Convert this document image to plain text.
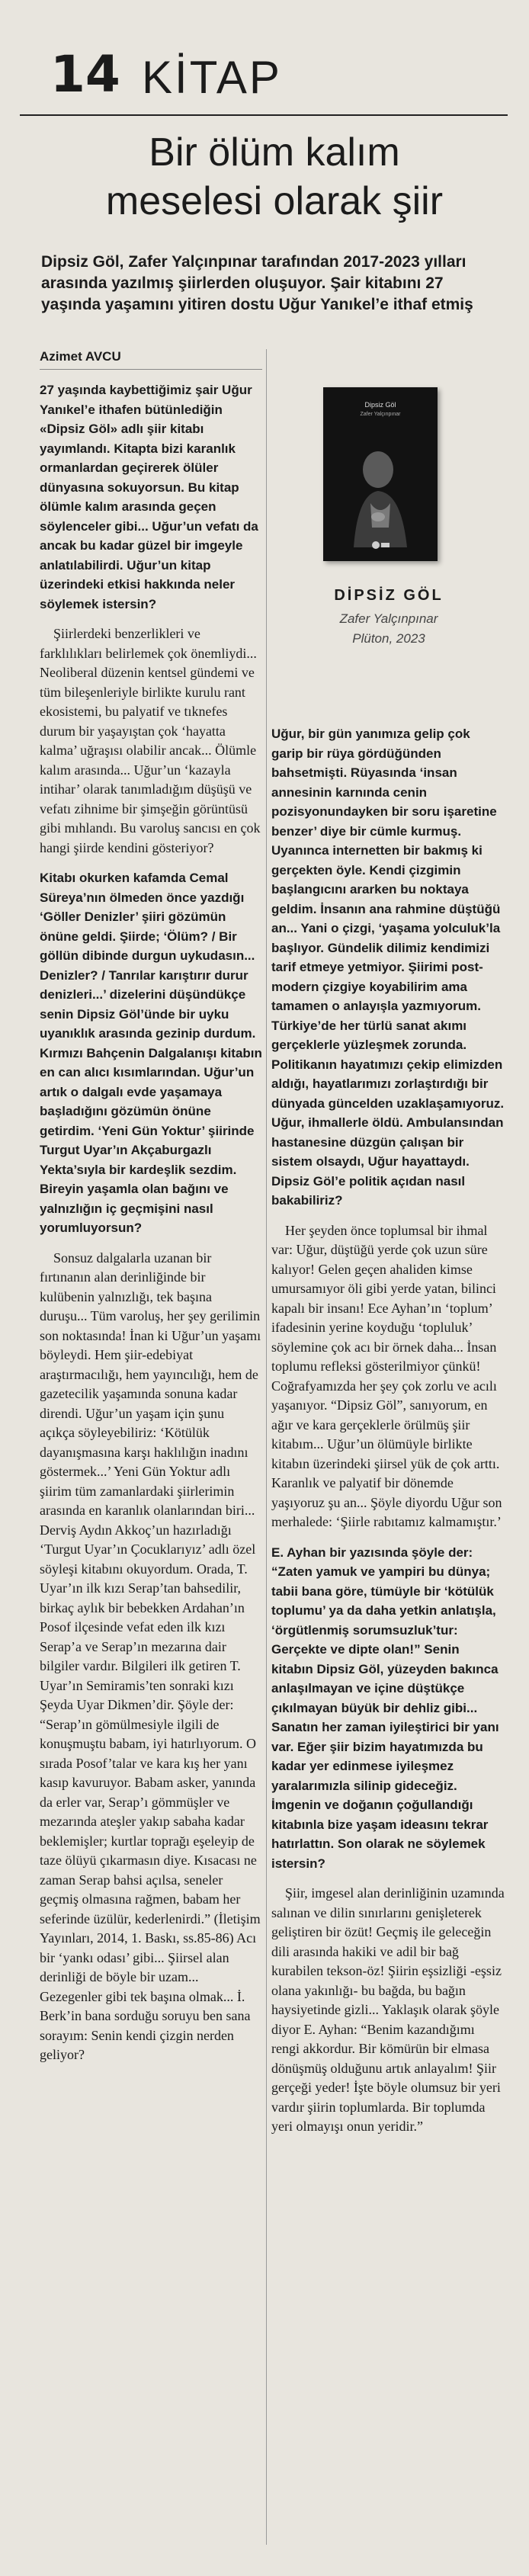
14 KİTAP
Bir ölüm kalım
meselesi olarak şiir

Dipsiz Göl, Zafer Yalçınpınar tarafından 2017-2023 yılları arasında yazılmış şiirlerden oluşuyor. Şair kitabını 27 yaşında yaşamını yitiren dostu Uğur Yanıkel’e ithaf etmiş

Azimet AVCU

27 yaşında kaybettiğimiz şair Uğur Yanıkel’e ithafen bütünlediğin «Dipsiz Göl» adlı şiir kitabı yayımlandı. Kitapta bizi karanlık ormanlardan geçirerek ölüler dünyasına sokuyorsun. Bu kitap ölümle kalım arasında geçen söylenceler gibi... Uğur’un vefatı da ancak bu kadar güzel bir imgeyle anlatılabilirdi. Uğur’un kitap üzerindeki etkisi hakkında neler söylemek istersin?

Şiirlerdeki benzerlikleri ve farklılıkları belirlemek çok önemliydi... Neoliberal düzenin kentsel gündemi ve tüm bileşenleriyle birlikte kurulu rant ekosistemi, bu palyatif ve tıknefes durum bir yaşayıştan çok ‘hayatta kalma’ uğraşısı olabilir ancak... Ölümle kalım arasında... Uğur’un ‘kazayla intihar’ olarak tanımladığım düşüşü ve vefatı zihnime bir şimşeğin görüntüsü gibi mıhlandı. Bu varoluş sancısı en çok hangi şiirde kendini gösteriyor?

Kitabı okurken kafamda Cemal Süreya’nın ölmeden önce yazdığı ‘Göller Denizler’ şiiri gözümün önüne geldi. Şiirde; ‘Ölüm? / Bir göllün dibinde durgun uykudasın... Denizler? / Tanrılar karıştırır durur denizleri...’ dizelerini düşündükçe senin Dipsiz Göl’ünde bir uyku uyanıklık arasında gezinip durdum. Kırmızı Bahçenin Dalgalanışı kitabın en can alıcı kısımlarından. Uğur’un artık o dalgalı evde yaşamaya başladığını gözümün önüne getirdim. ‘Yeni Gün Yoktur’ şiirinde Turgut Uyar’ın Akçaburgazlı Yekta’sıyla bir kardeşlik sezdim. Bireyin yaşamla olan bağını ve yalnızlığın iç geçmişini nasıl yorumluyorsun?

Sonsuz dalgalarla uzanan bir fırtınanın alan derinliğinde bir kulübenin yalnızlığı, tek başına duruşu... Tüm varoluş, her şey gerilimin son noktasında! İnan ki Uğur’un yaşamı böyleydi. Hem şiir-edebiyat araştırmacılığı, hem yayıncılığı, hem de gazetecilik yaşamında sonuna kadar direndi. Uğur’un yaşam için şunu açıkça söyleyebiliriz: ‘Kötülük dayanışmasına karşı haklılığın inadını göstermek...’ Yeni Gün Yoktur adlı şiirim tüm zamanlardaki şiirlerimin arasında en karanlık olanlarından biri... Derviş Aydın Akkoç’un hazırladığı ‘Turgut Uyar’ın Çocuklarıyız’ adlı özel söyleşi kitabını okuyordum. Orada, T. Uyar’ın ilk kızı Serap’tan bahsedilir, birkaç aylık bir bebekken Ardahan’ın Posof ilçesinde vefat eden ilk kızı Serap’a ve Serap’ın mezarına dair bilgiler vardır. Bilgileri ilk getiren T. Uyar’ın Semiramis’ten sonraki kızı Şeyda Uyar Dikmen’dir. Şöyle der: “Serap’ın gömülmesiyle ilgili de konuşmuştu babam, iyi hatırlıyorum. O sırada Posof’talar ve kara kış her yanı kasıp kavuruyor. Babam asker, yanında da erler var, Serap’ı gömmüşler ve mezarında ateşler yakıp sabaha kadar beklemişler; kurtlar toprağı eşeleyip de taze ölüyü çıkarmasın diye. Kısacası ne zaman Serap bahsi açılsa, seneler geçmiş olmasına rağmen, babam her seferinde üzülür, kederlenirdi.” (İletişim Yayınları, 2014, 1. Baskı, ss.85-86) Acı bir ‘yankı odası’ gibi... Şiirsel alan derinliği de böyle bir uzam... Gezegenler gibi tek başına olmak... İ. Berk’in bana sorduğu soruyu ben sana sorayım: Senin kendi çizgin nerden geliyor?

Dipsiz Göl
Zafer Yalçınpınar
DİPSİZ GÖL
Zafer Yalçınpınar
Plüton, 2023

Uğur, bir gün yanımıza gelip çok garip bir rüya gördüğünden bahsetmişti. Rüyasında ‘insan annesinin karnında cenin pozisyonundayken bir soru işaretine benzer’ diye bir cümle kurmuş. Uyanınca internetten bir bakmış ki gerçekten öyle. Kendi çizgimin başlangıcını ararken bu noktaya geldim. İnsanın ana rahmine düştüğü an... Yani o çizgi, ‘yaşama yolculuk’la başlıyor. Gündelik dilimiz kendimizi tarif etmeye yetmiyor. Şiirimi post-modern çizgiye koyabilirim ama tamamen o anlayışla yazmıyorum. Türkiye’de her türlü sanat akımı gerçeklerle yüzleşmek zorunda. Politikanın hayatımızı çekip elimizden aldığı, hayatlarımızı zorlaştırdığı bir dünyada güncelden uzaklaşamıyoruz. Uğur, ihmallerle öldü. Ambulansından hastanesine düzgün çalışan bir sistem olsaydı, Uğur hayattaydı. Dipsiz Göl’e politik açıdan nasıl bakabiliriz?

Her şeyden önce toplumsal bir ihmal var: Uğur, düştüğü yerde çok uzun süre kalıyor! Gelen geçen ahaliden kimse umursamıyor öli gibi yerde yatan, bilinci kapalı bir insanı! Ece Ayhan’ın ‘toplum’ ifadesinin yerine koyduğu ‘topluluk’ söylemine çok acı bir örnek daha... İnsan toplumu refleksi gösterilmiyor çünkü! Coğrafyamızda her şey çok zorlu ve acılı yaşanıyor. “Dipsiz Göl”, sanıyorum, en ağır ve kara gerçeklerle örülmüş şiir kitabım... Uğur’un ölümüyle birlikte kitabın üzerindeki şiirsel yük de çok arttı. Karanlık ve palyatif bir dönemde yaşıyoruz şu an... Şöyle diyordu Uğur son merhalede: ‘Şiirle rabıtamız kalmamıştır.’

E. Ayhan bir yazısında şöyle der: “Zaten yamuk ve yampiri bu dünya; tabii bana göre, tümüyle bir ‘kötülük toplumu’ ya da daha yetkin anlatışla, ‘örgütlenmiş sorumsuzluk’tur: Gerçekte ve dipte olan!” Senin kitabın Dipsiz Göl, yüzeyden bakınca anlaşılmayan ve içine düştükçe çıkılmayan büyük bir dehliz gibi... Sanatın her zaman iyileştirici bir yanı var. Eğer şiir bizim hayatımızda bu kadar yer edinmese iyileşmez yaralarımızla silinip gideceğiz. İmgenin ve doğanın çoğullandığı kitabınla bize yaşam ideasını tekrar hatırlattın. Son olarak ne söylemek istersin?

Şiir, imgesel alan derinliğinin uzamında salınan ve dilin sınırlarını genişleterek geliştiren bir özüt! Geçmiş ile geleceğin dili arasında hakiki ve adil bir bağ kurabilen tekson-öz! Şiirin eşsizliği -eşsiz olana yakınlığı- bu bağda, bu bağın haysiyetinde gizli... Yaklaşık olarak şöyle diyor E. Ayhan: “Benim kazandığımı rengi akkordur. Bir kömürün bir elmasa dönüşmüş olduğunu artık anlayalım! Şiir gerçeği yeder! İşte böyle olumsuz bir yeri vardır şiirin toplumlarda. Bir toplumda yeri olmayışı onun yeridir.”
